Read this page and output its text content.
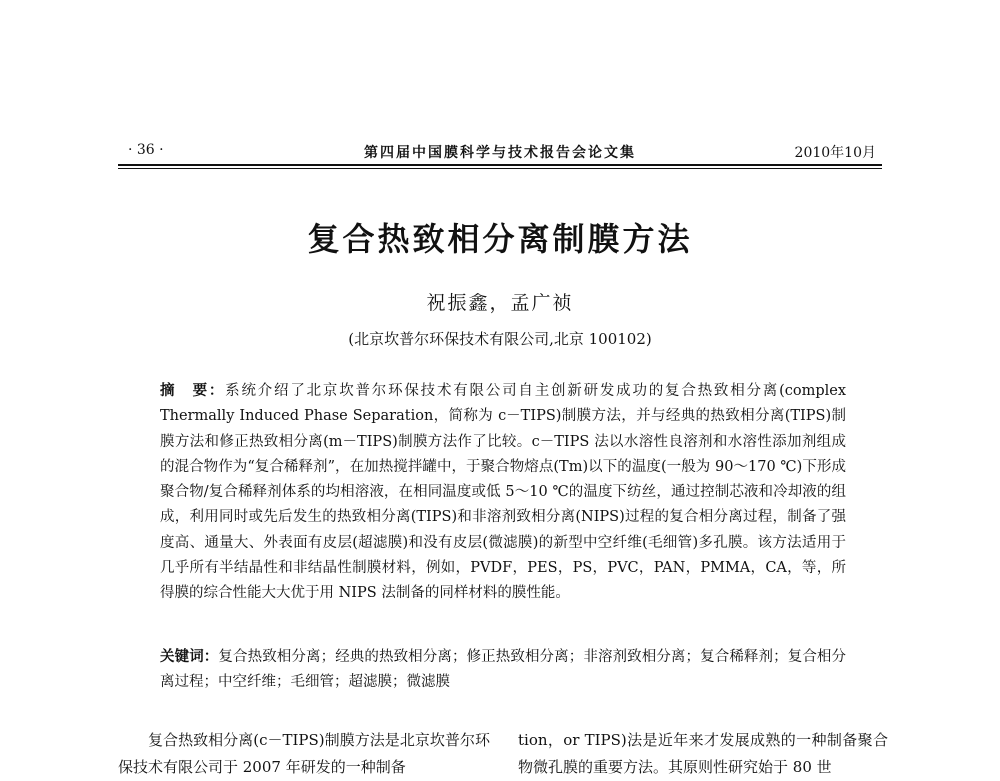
· 36 ·	第四届中国膜科学与技术报告会论文集	2010年10月
复合热致相分离制膜方法
祝振鑫，孟广祯
(北京坎普尔环保技术有限公司,北京 100102)
摘　要：系统介绍了北京坎普尔环保技术有限公司自主创新研发成功的复合热致相分离(complex Thermally Induced Phase Separation，简称为 c－TIPS)制膜方法，并与经典的热致相分离(TIPS)制膜方法和修正热致相分离(m－TIPS)制膜方法作了比较。c－TIPS 法以水溶性良溶剂和水溶性添加剂组成的混合物作为“复合稀释剂”，在加热搅拌罐中，于聚合物熔点(Tm)以下的温度(一般为 90～170 ℃)下形成聚合物/复合稀释剂体系的均相溶液，在相同温度或低 5～10 ℃的温度下纺丝，通过控制芯液和冷却液的组成，利用同时或先后发生的热致相分离(TIPS)和非溶剂致相分离(NIPS)过程的复合相分离过程，制备了强度高、通量大、外表面有皮层(超滤膜)和没有皮层(微滤膜)的新型中空纤维(毛细管)多孔膜。该方法适用于几乎所有半结晶性和非结晶性制膜材料，例如，PVDF，PES，PS，PVC，PAN，PMMA，CA，等，所得膜的综合性能大大优于用 NIPS 法制备的同样材料的膜性能。
关键词：复合热致相分离；经典的热致相分离；修正热致相分离；非溶剂致相分离；复合稀释剂；复合相分离过程；中空纤维；毛细管；超滤膜；微滤膜
复合热致相分离(c－TIPS)制膜方法是北京坎普尔环保技术有限公司于 2007 年研发的一种制备
tion，or TIPS)法是近年来才发展成熟的一种制备聚合物微孔膜的重要方法。其原则性研究始于 80 世
